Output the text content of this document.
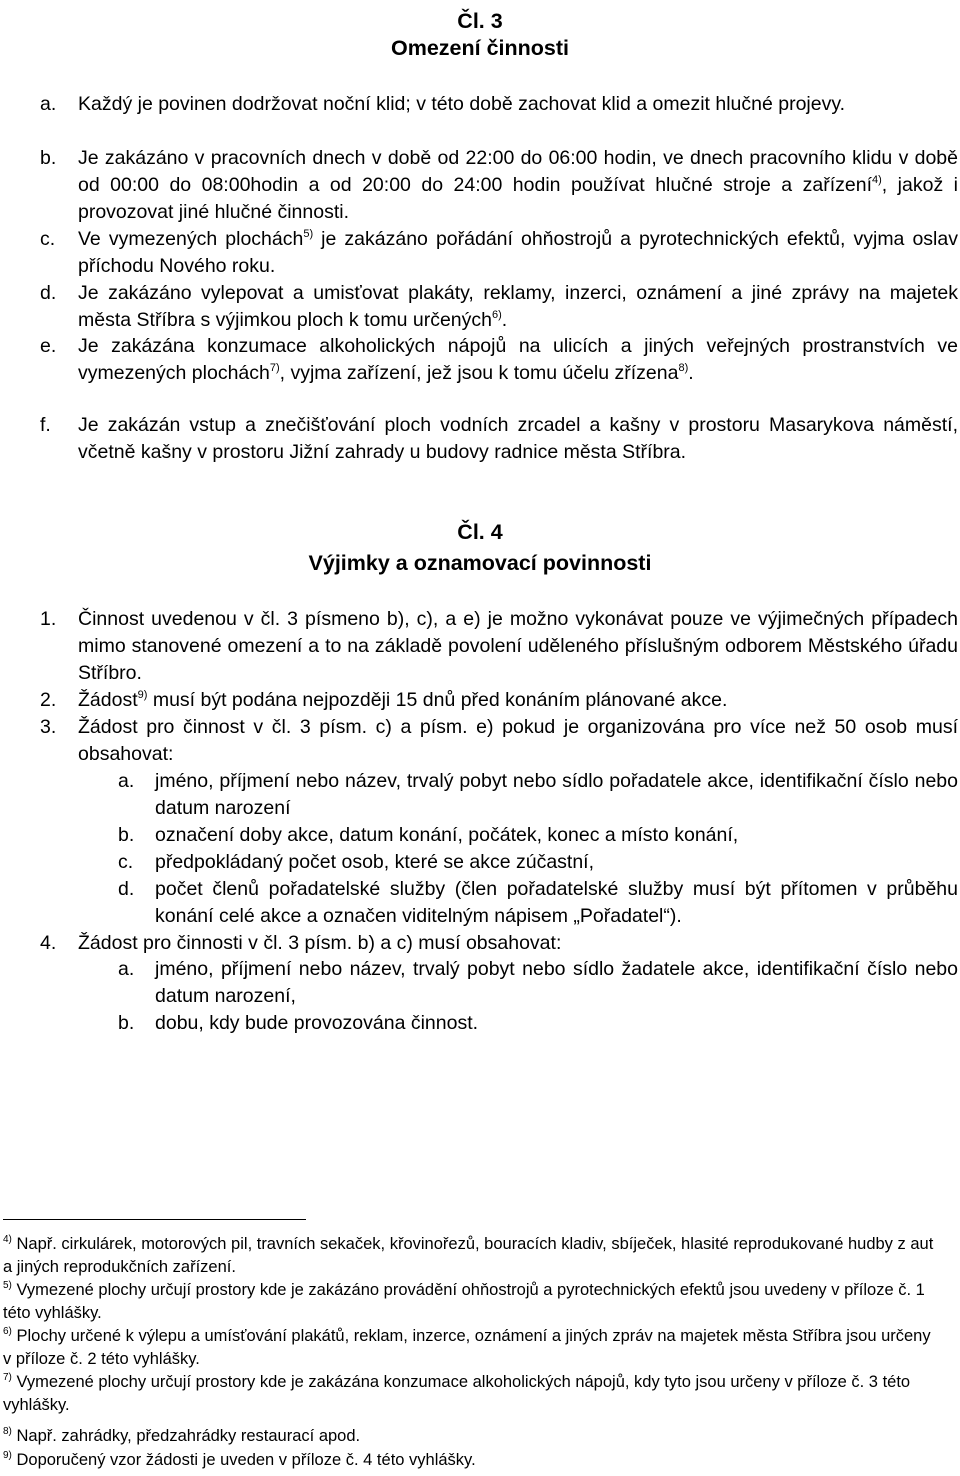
Čl. 3
Omezení činnosti
a.	Každý je povinen dodržovat noční klid; v této době zachovat klid a omezit hlučné projevy.
b.	Je zakázáno v pracovních dnech v době od 22:00 do 06:00 hodin, ve dnech pracovního klidu v době od 00:00 do 08:00hodin a od 20:00 do 24:00 hodin používat hlučné stroje a zařízení$^{4)}$, jakož i provozovat jiné hlučné činnosti.
c.	Ve vymezených plochách$^{5)}$ je zakázáno pořádání ohňostrojů a pyrotechnických efektů, vyjma oslav příchodu Nového roku.
d.	Je zakázáno vylepovat a umisťovat plakáty, reklamy, inzerci, oznámení a jiné zprávy na majetek města Stříbra s výjimkou ploch k tomu určených$^{6)}$.
e.	Je zakázána konzumace alkoholických nápojů na ulicích a jiných veřejných prostranstvích ve vymezených plochách$^{7)}$, vyjma zařízení, jež jsou k tomu účelu zřízena$^{8)}$.
f.	Je zakázán vstup a znečišťování ploch vodních zrcadel a kašny v prostoru Masarykova náměstí, včetně kašny v prostoru Jižní zahrady u budovy radnice města Stříbra.
Čl. 4
Výjimky a oznamovací povinnosti
1.	Činnost uvedenou v čl. 3 písmeno b), c), a e) je možno vykonávat pouze ve výjimečných případech mimo stanovené omezení a to na základě povolení uděleného příslušným odborem Městského úřadu Stříbro.
2.	Žádost$^{9)}$ musí být podána nejpozději 15 dnů před konáním plánované akce.
3.	Žádost pro činnost v čl. 3 písm. c) a písm. e) pokud je organizována pro více než 50 osob musí obsahovat:
a.	jméno, příjmení nebo název, trvalý pobyt nebo sídlo pořadatele akce, identifikační číslo nebo datum narození
b.	označení doby akce, datum konání, počátek, konec a místo konání,
c.	předpokládaný počet osob, které se akce zúčastní,
d.	počet členů pořadatelské služby (člen pořadatelské služby musí být přítomen v průběhu konání celé akce a označen viditelným nápisem „Pořadatel“).
4.	Žádost pro činnosti v čl. 3 písm. b) a c) musí obsahovat:
a.	jméno, příjmení nebo název, trvalý pobyt nebo sídlo žadatele akce, identifikační číslo nebo datum narození,
b.	dobu, kdy bude provozována činnost.
$^{4)}$ Např. cirkulárek, motorových pil, travních sekaček, křovinořezů, bouracích kladiv, sbíječek, hlasité reprodukované hudby z aut a jiných reprodukčních zařízení.
$^{5)}$ Vymezené plochy určují prostory kde je zakázáno provádění ohňostrojů a pyrotechnických efektů jsou uvedeny v příloze č. 1 této vyhlášky.
$^{6)}$ Plochy určené k výlepu a umísťování plakátů, reklam, inzerce, oznámení a jiných zpráv na majetek města Stříbra jsou určeny v příloze č. 2 této vyhlášky.
$^{7)}$ Vymezené plochy určují prostory kde je zakázána konzumace alkoholických nápojů, kdy tyto jsou určeny v příloze č. 3 této vyhlášky.
$^{8)}$ Např. zahrádky, předzahrádky restaurací apod.
$^{9)}$ Doporučený vzor žádosti je uveden v příloze č. 4 této vyhlášky.
